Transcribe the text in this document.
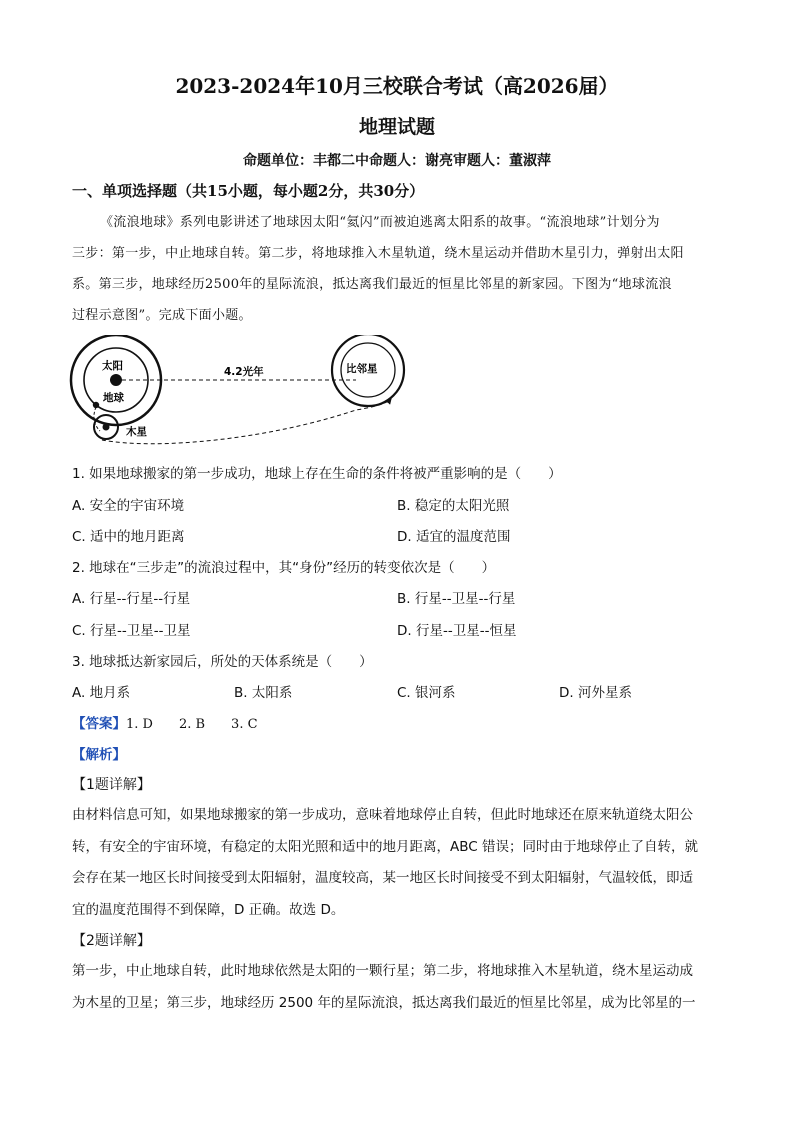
2023-2024年10月三校联合考试（高2026届）
地理试题
命题单位：丰都二中命题人：谢亮审题人：董淑萍
一、单项选择题（共15小题，每小题2分，共30分）

《流浪地球》系列电影讲述了地球因太阳“氦闪”而被迫逃离太阳系的故事。“流浪地球”计划分为

三步：第一步，中止地球自转。第二步，将地球推入木星轨道，绕木星运动并借助木星引力，弹射出太阳

系。第三步，地球经历2500年的星际流浪，抵达离我们最近的恒星比邻星的新家园。下图为“地球流浪

过程示意图”。完成下面小题。

太阳
地球
4.2光年	比邻星
木星
1. 如果地球搬家的第一步成功，地球上存在生命的条件将被严重影响的是（　　）
A. 安全的宇宙环境	B. 稳定的太阳光照
C. 适中的地月距离	D. 适宜的温度范围
2. 地球在“三步走”的流浪过程中，其“身份”经历的转变依次是（　　）
A. 行星--行星--行星	B. 行星--卫星--行星
C. 行星--卫星--卫星	D. 行星--卫星--恒星
3. 地球抵达新家园后，所处的天体系统是（　　）
A. 地月系	B. 太阳系	C. 银河系	D. 河外星系
【答案】1. D　　2. B　　3. C
【解析】
【1题详解】

由材料信息可知，如果地球搬家的第一步成功，意味着地球停止自转，但此时地球还在原来轨道绕太阳公

转，有安全的宇宙环境，有稳定的太阳光照和适中的地月距离，ABC 错误；同时由于地球停止了自转，就

会存在某一地区长时间接受到太阳辐射，温度较高，某一地区长时间接受不到太阳辐射，气温较低，即适

宜的温度范围得不到保障，D 正确。故选 D。

【2题详解】

第一步，中止地球自转，此时地球依然是太阳的一颗行星；第二步，将地球推入木星轨道，绕木星运动成

为木星的卫星；第三步，地球经历 2500 年的星际流浪，抵达离我们最近的恒星比邻星，成为比邻星的一
